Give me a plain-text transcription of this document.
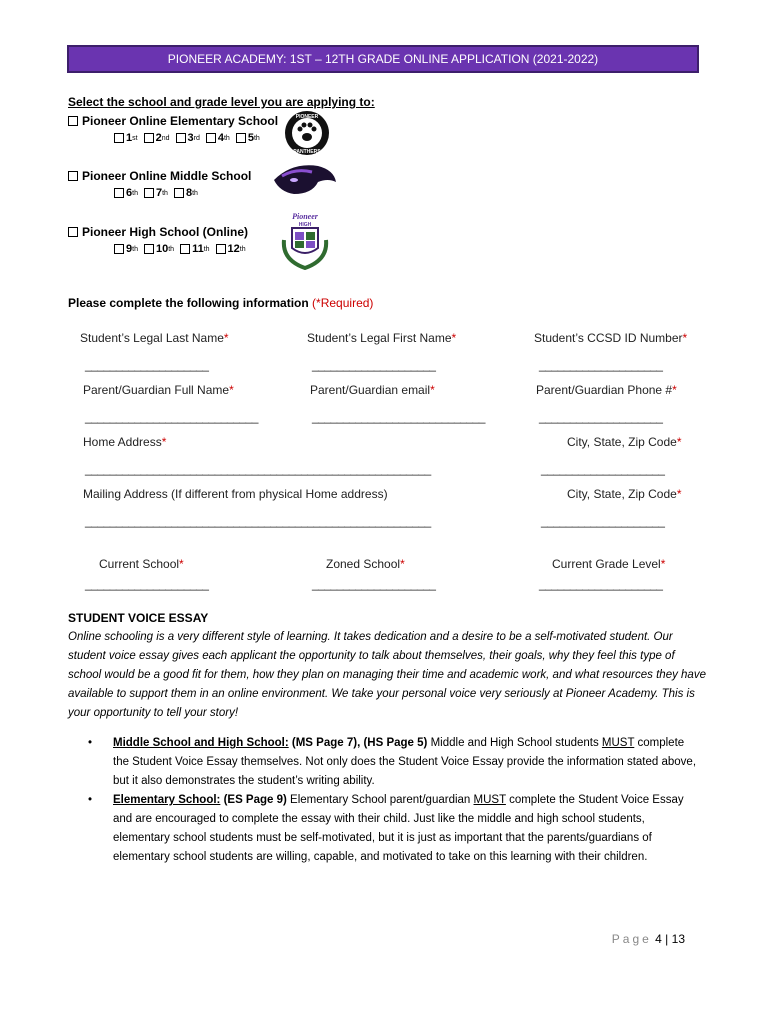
PIONEER ACADEMY: 1ST – 12TH GRADE ONLINE APPLICATION (2021-2022)
Select the school and grade level you are applying to:
Pioneer Online Elementary School
1 st 2 nd 3 rd 4 th 5 th
PIONEER
PANTHERS
Pioneer Online Middle School
6 th 7 th 8 th
Pioneer High School (Online)
9 th 10 th 11 th 12 th
Pioneer
HIGH
Please complete the following information (*Required)
Student’s Legal Last Name*	Student’s Legal First Name*	Student’s CCSD ID Number*
____________________	____________________	____________________
Parent/Guardian Full Name*	Parent/Guardian email*	Parent/Guardian Phone #*
____________________________	____________________________	____________________
Home Address*	City, State, Zip Code*
________________________________________________________	____________________
Mailing Address (If different from physical Home address)	City, State, Zip Code*
________________________________________________________	____________________
Current School*	Zoned School*	Current Grade Level*
____________________	____________________	____________________
STUDENT VOICE ESSAY
Online schooling is a very different style of learning. It takes dedication and a desire to be a self-motivated student. Our student voice essay gives each applicant the opportunity to talk about themselves, their goals, why they feel this type of school would be a good fit for them, how they plan on managing their time and academic work, and what resources they have available to support them in an online environment. We take your personal voice very seriously at Pioneer Academy. This is your opportunity to tell your story!
• Middle School and High School: (MS Page 7), (HS Page 5) Middle and High School students MUST complete the Student Voice Essay themselves. Not only does the Student Voice Essay provide the information stated above, but it also demonstrates the student’s writing ability.
• Elementary School: (ES Page 9) Elementary School parent/guardian MUST complete the Student Voice Essay and are encouraged to complete the essay with their child. Just like the middle and high school students, elementary school students must be self-motivated, but it is just as important that the parents/guardians of elementary school students are willing, capable, and motivated to take on this learning with their children.
Page 4 | 13
